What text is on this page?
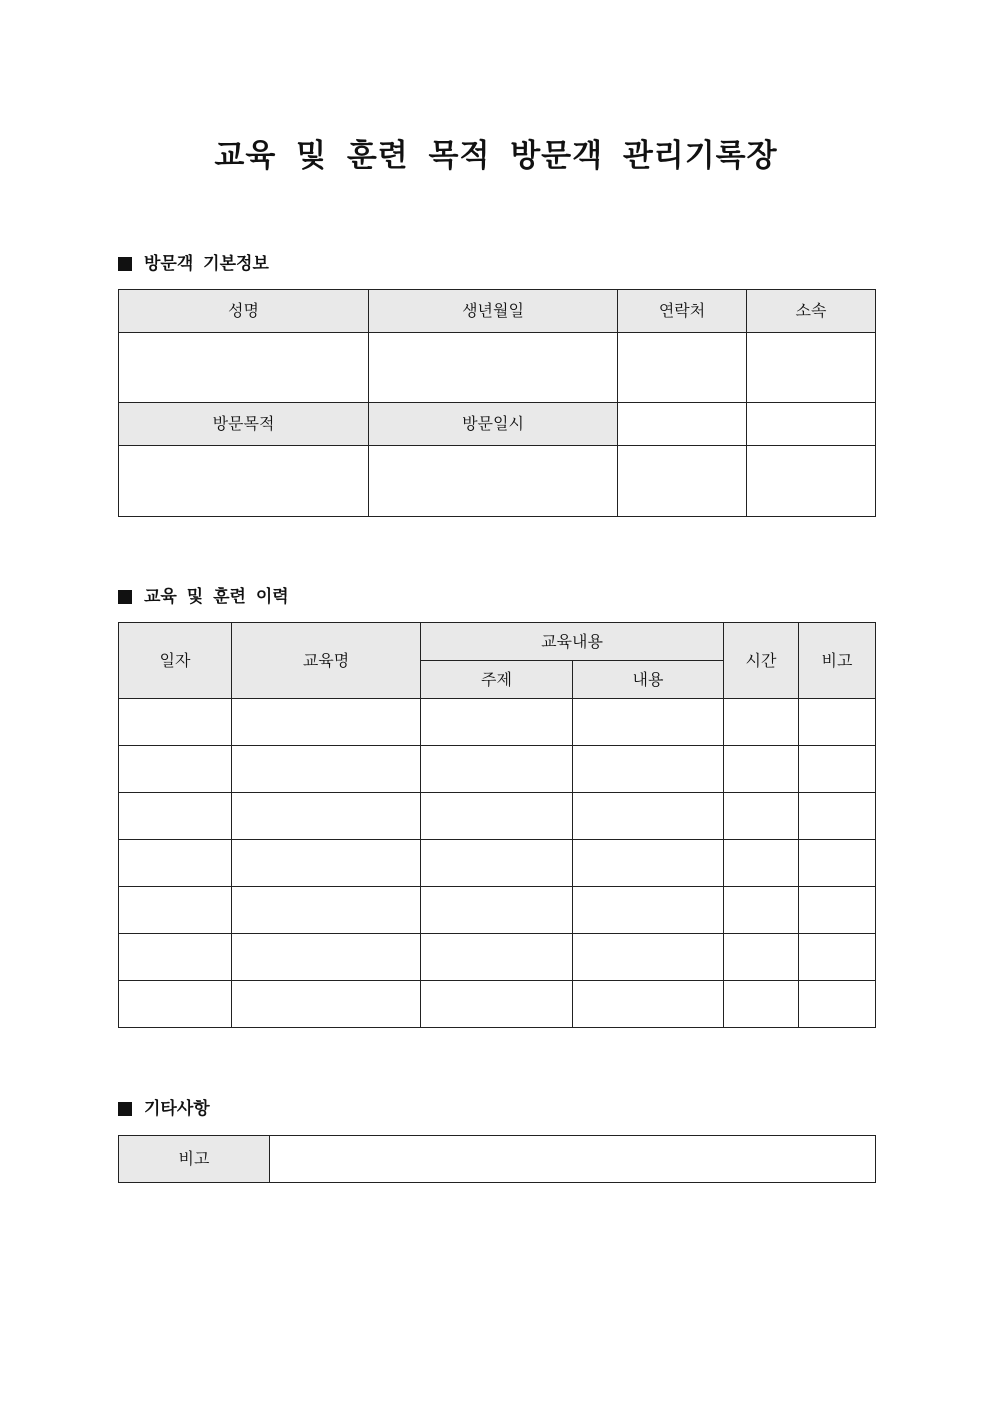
교육 및 훈련 목적 방문객 관리기록장
방문객 기본정보
성명	생년월일	연락처	소속

방문목적	방문일시		

교육 및 훈련 이력
일자	교육명	교육내용		시간	비고
		주제	내용		

기타사항
비고	
